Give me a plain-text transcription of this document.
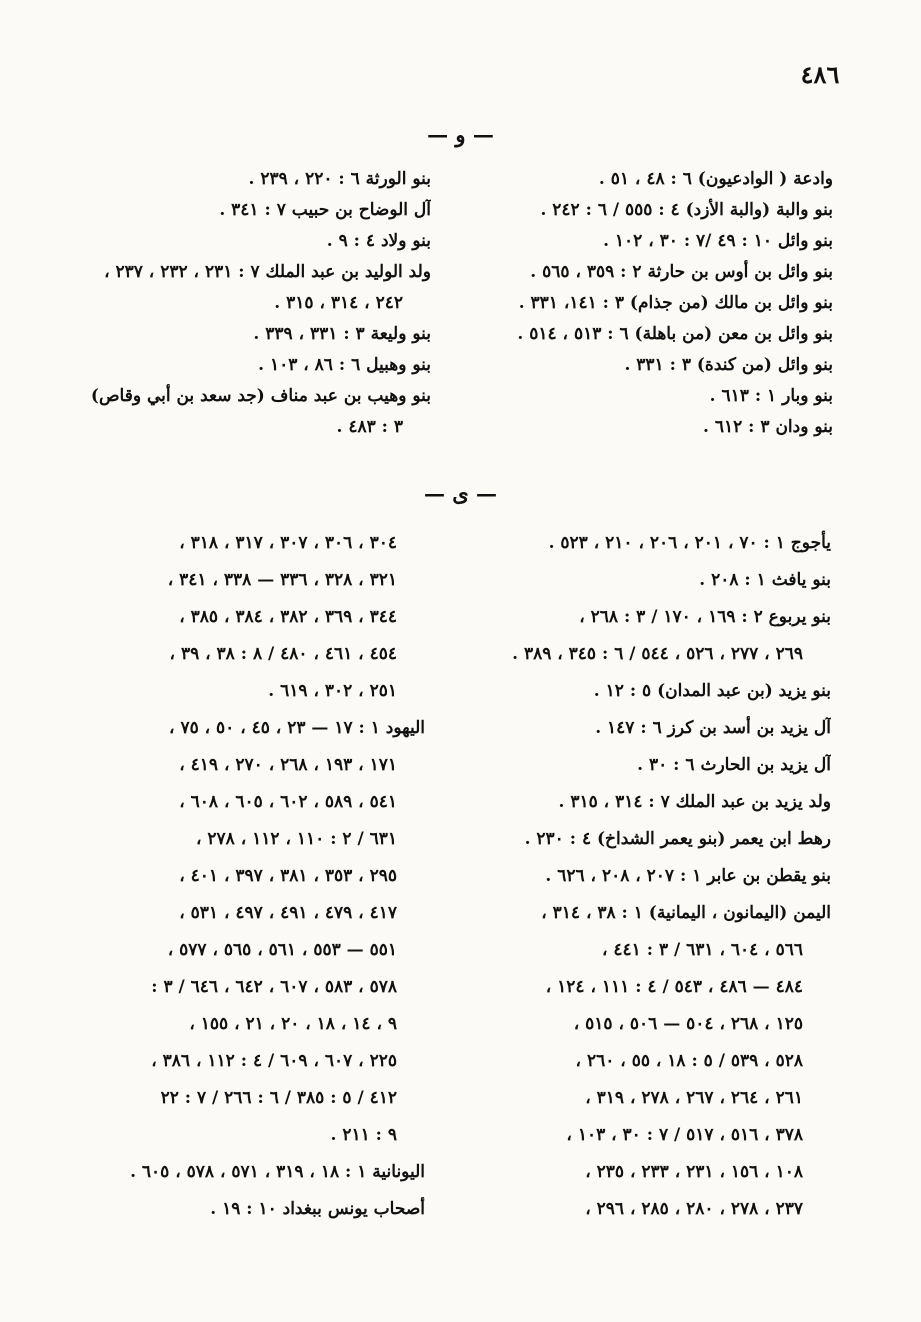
٤٨٦
— و —
وادعة ( الوادعيون) ٦ : ٤٨ ، ٥١ .
بنو والبة (والبة الأزد) ٤ : ٥٥٥ / ٦ : ٢٤٢ .
بنو وائل ١٠ : ٤٩ /٧ : ٣٠ ، ١٠٢ .
بنو وائل بن أوس بن حارثة ٢ : ٣٥٩ ، ٥٦٥ .
بنو وائل بن مالك (من جذام) ٣ : ١٤١، ٣٣١ .
بنو وائل بن معن (من باهلة) ٦ : ٥١٣ ، ٥١٤ .
بنو وائل (من كندة) ٣ : ٣٣١ .
بنو وبار ١ : ٦١٣ .
بنو ودان ٣ : ٦١٢ .
بنو الورثة ٦ : ٢٢٠ ، ٢٣٩ .
آل الوضاح بن حبيب ٧ : ٣٤١ .
بنو ولاد ٤ : ٩ .
ولد الوليد بن عبد الملك ٧ : ٢٣١ ، ٢٣٢ ، ٢٣٧ ،
٢٤٢ ، ٣١٤ ، ٣١٥ .
بنو وليعة ٣ : ٣٣١ ، ٣٣٩ .
بنو وهبيل ٦ : ٨٦ ، ١٠٣ .
بنو وهيب بن عبد مناف (جد سعد بن أبي وقاص)
٣ : ٤٨٣ .
— ى —
يأجوج ١ : ٧٠ ، ٢٠١ ، ٢٠٦ ، ٢١٠ ، ٥٢٣ .
بنو يافث ١ : ٢٠٨ .
بنو يربوع ٢ : ١٦٩ ، ١٧٠ / ٣ : ٢٦٨ ،
٢٦٩ ، ٢٧٧ ، ٥٢٦ ، ٥٤٤ / ٦ : ٣٤٥ ، ٣٨٩ .
بنو يزيد (بن عبد المدان) ٥ : ١٢ .
آل يزيد بن أسد بن كرز ٦ : ١٤٧ .
آل يزيد بن الحارث ٦ : ٣٠ .
ولد يزيد بن عبد الملك ٧ : ٣١٤ ، ٣١٥ .
رهط ابن يعمر (بنو يعمر الشداخ) ٤ : ٢٣٠ .
بنو يقطن بن عابر ١ : ٢٠٧ ، ٢٠٨ ، ٦٢٦ .
اليمن (اليمانون ، اليمانية) ١ : ٣٨ ، ٣١٤ ،
٥٦٦ ، ٦٠٤ ، ٦٣١ / ٣ : ٤٤١ ،
٤٨٤ — ٤٨٦ ، ٥٤٣ / ٤ : ١١١ ، ١٢٤ ،
١٢٥ ، ٢٦٨ ، ٥٠٤ — ٥٠٦ ، ٥١٥ ،
٥٢٨ ، ٥٣٩ / ٥ : ١٨ ، ٥٥ ، ٢٦٠ ،
٢٦١ ، ٢٦٤ ، ٢٦٧ ، ٢٧٨ ، ٣١٩ ،
٣٧٨ ، ٥١٦ ، ٥١٧ / ٧ : ٣٠ ، ١٠٣ ،
١٠٨ ، ١٥٦ ، ٢٣١ ، ٢٣٣ ، ٢٣٥ ،
٢٣٧ ، ٢٧٨ ، ٢٨٠ ، ٢٨٥ ، ٢٩٦ ،
٣٠٤ ، ٣٠٦ ، ٣٠٧ ، ٣١٧ ، ٣١٨ ،
٣٢١ ، ٣٢٨ ، ٣٣٦ — ٣٣٨ ، ٣٤١ ،
٣٤٤ ، ٣٦٩ ، ٣٨٢ ، ٣٨٤ ، ٣٨٥ ،
٤٥٤ ، ٤٦١ ، ٤٨٠ / ٨ : ٣٨ ، ٣٩ ،
٢٥١ ، ٣٠٢ ، ٦١٩ .
اليهود ١ : ١٧ — ٢٣ ، ٤٥ ، ٥٠ ، ٧٥ ،
١٧١ ، ١٩٣ ، ٢٦٨ ، ٢٧٠ ، ٤١٩ ،
٥٤١ ، ٥٨٩ ، ٦٠٢ ، ٦٠٥ ، ٦٠٨ ،
٦٣١ / ٢ : ١١٠ ، ١١٢ ، ٢٧٨ ،
٢٩٥ ، ٣٥٣ ، ٣٨١ ، ٣٩٧ ، ٤٠١ ،
٤١٧ ، ٤٧٩ ، ٤٩١ ، ٤٩٧ ، ٥٣١ ،
٥٥١ — ٥٥٣ ، ٥٦١ ، ٥٦٥ ، ٥٧٧ ،
٥٧٨ ، ٥٨٣ ، ٦٠٧ ، ٦٤٢ ، ٦٤٦ / ٣ :
٩ ، ١٤ ، ١٨ ، ٢٠ ، ٢١ ، ١٥٥ ،
٢٢٥ ، ٦٠٧ ، ٦٠٩ / ٤ : ١١٢ ، ٣٨٦ ،
٤١٢ / ٥ : ٣٨٥ / ٦ : ٢٦٦ / ٧ : ٢٢
٩ : ٢١١ .
اليونانية ١ : ١٨ ، ٣١٩ ، ٥٧١ ، ٥٧٨ ، ٦٠٥ .
أصحاب يونس ببغداد ١٠ : ١٩ .
